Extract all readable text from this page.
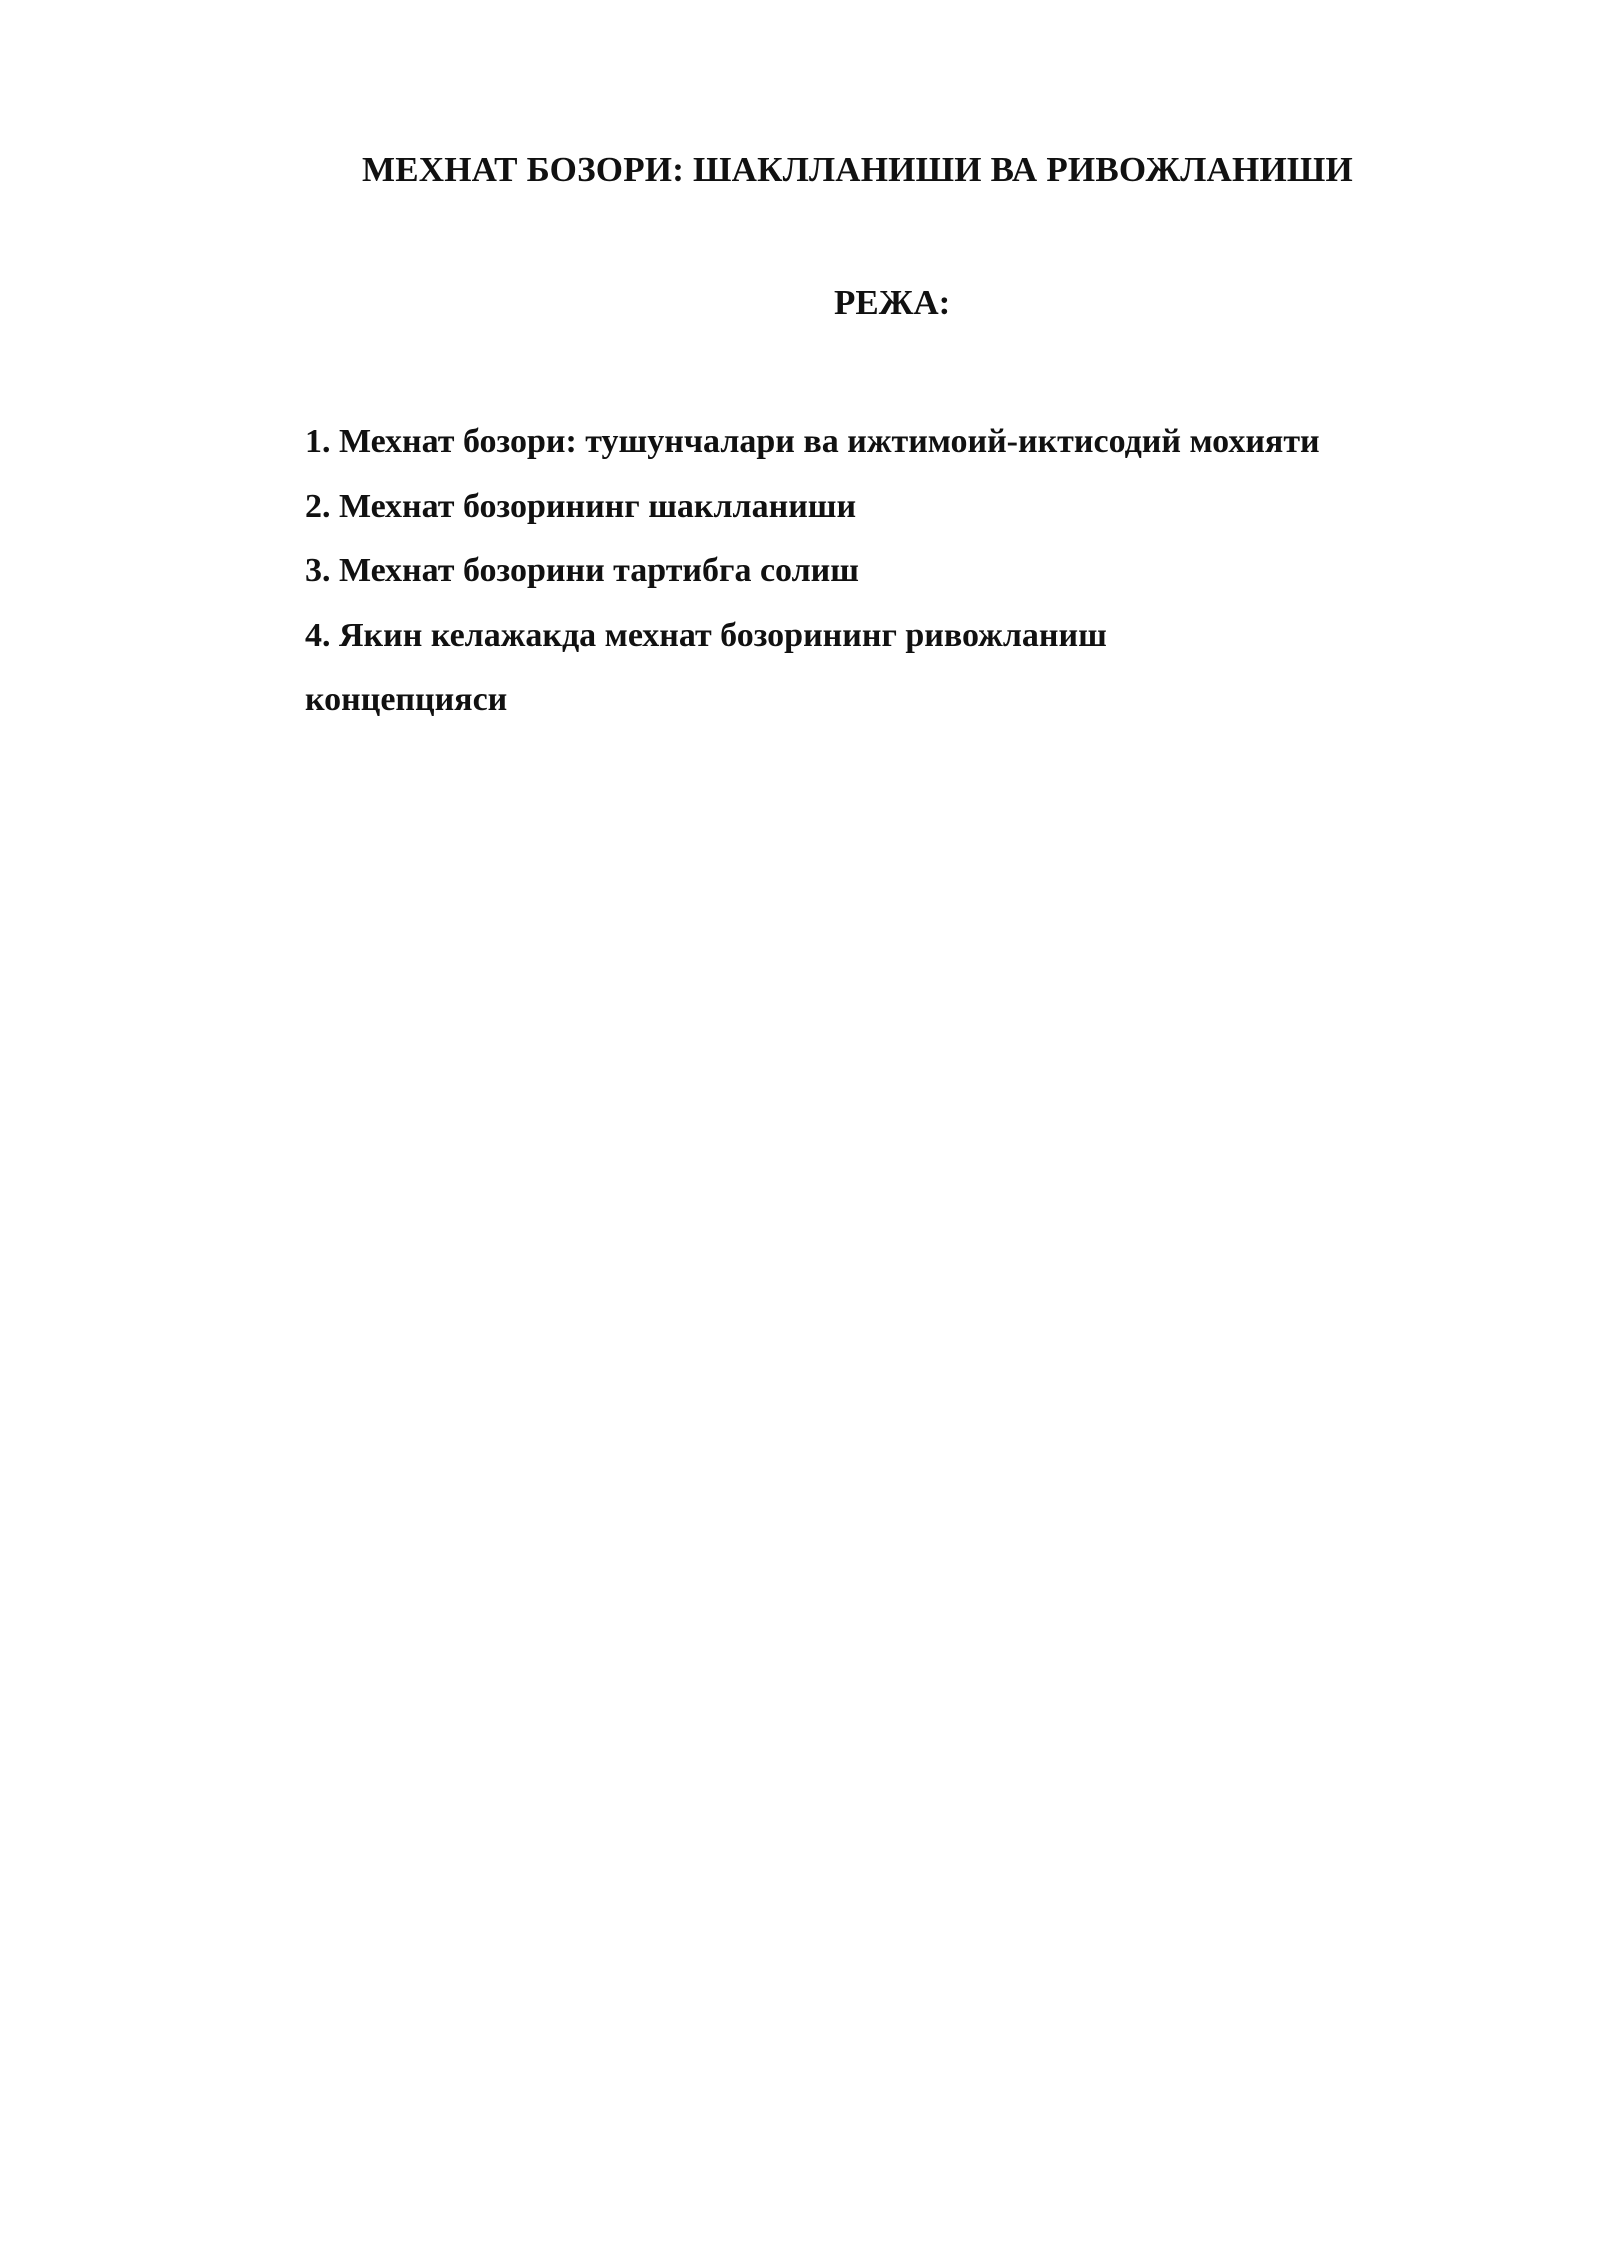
МЕХНАТ БОЗОРИ: ШАКЛЛАНИШИ ВА РИВОЖЛАНИШИ
РЕЖА:
1. Мехнат бозори: тушунчалари ва ижтимоий-иктисодий мохияти
2. Мехнат бозорининг шаклланиши
3. Мехнат бозорини тартибга солиш
4. Якин келажакда мехнат бозорининг ривожланиш концепцияси
